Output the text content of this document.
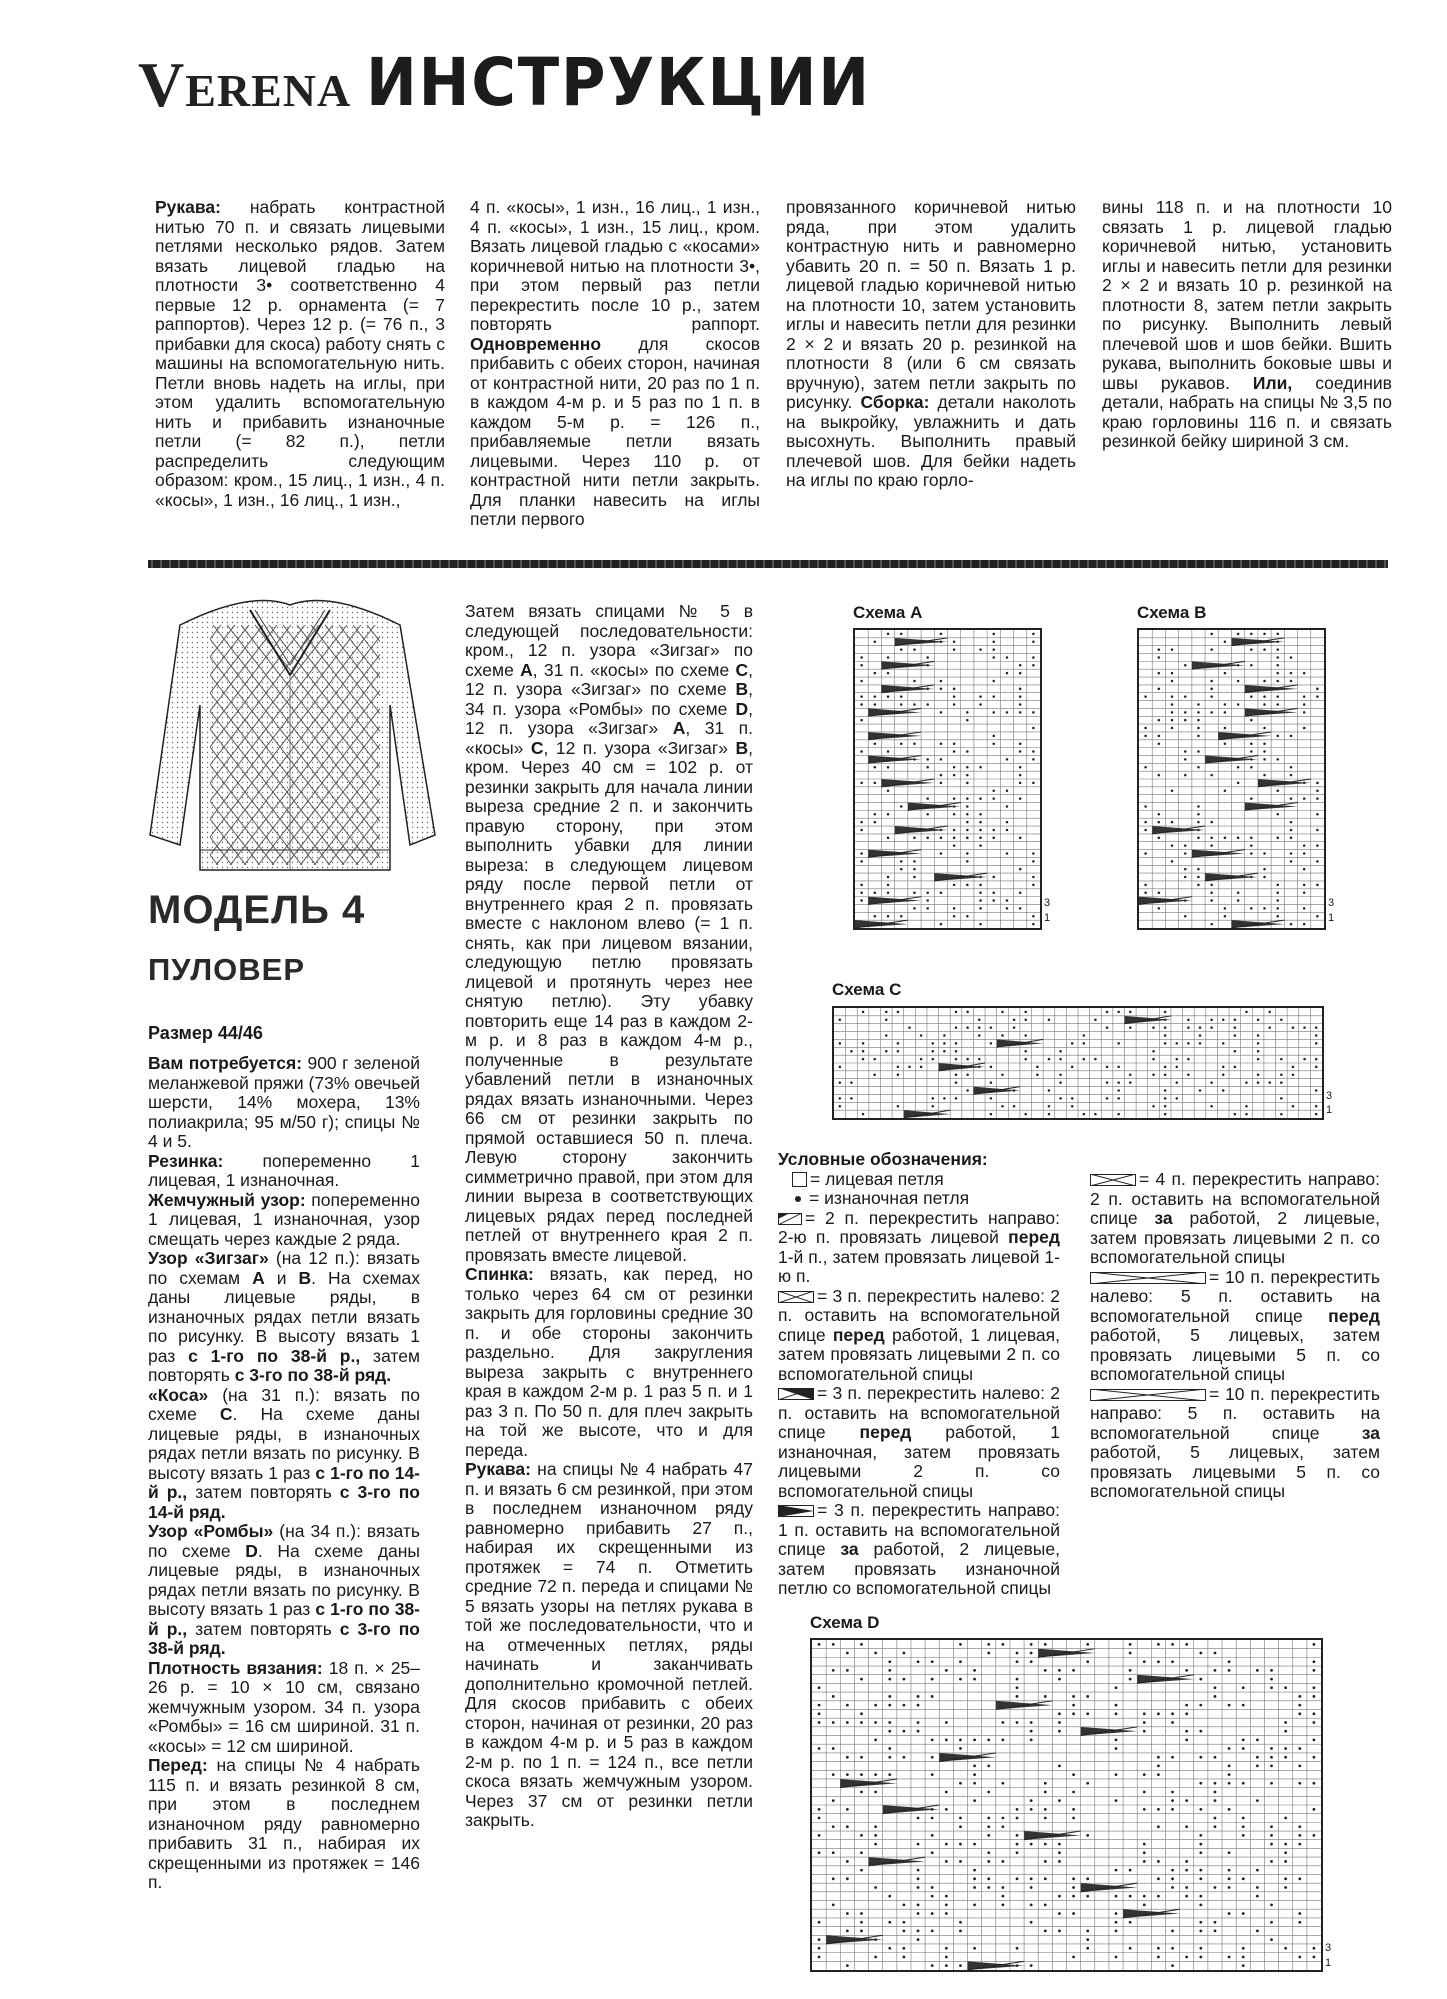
VERENA ИНСТРУКЦИИ

Рукава: набрать контрастной нитью 70 п. и связать лицевыми петлями несколько рядов. Затем вязать лицевой гладью на плотности 3• соответственно 4 первые 12 р. орнамента (= 7 раппортов). Через 12 р. (= 76 п., 3 прибавки для скоса) работу снять с машины на вспомогательную нить. Петли вновь надеть на иглы, при этом удалить вспомогательную нить и прибавить изнаночные петли (= 82 п.), петли распределить следующим образом: кром., 15 лиц., 1 изн., 4 п. «косы», 1 изн., 16 лиц., 1 изн.,

4 п. «косы», 1 изн., 16 лиц., 1 изн., 4 п. «косы», 1 изн., 15 лиц., кром. Вязать лицевой гладью с «косами» коричневой нитью на плотности 3•, при этом первый раз петли перекрестить после 10 р., затем повторять раппорт. Одновременно для скосов прибавить с обеих сторон, начиная от контрастной нити, 20 раз по 1 п. в каждом 4-м р. и 5 раз по 1 п. в каждом 5-м р. = 126 п., прибавляемые петли вязать лицевыми. Через 110 р. от контрастной нити петли закрыть. Для планки навесить на иглы петли первого

провязанного коричневой нитью ряда, при этом удалить контрастную нить и равномерно убавить 20 п. = 50 п. Вязать 1 р. лицевой гладью коричневой нитью на плотности 10, затем установить иглы и навесить петли для резинки 2 × 2 и вязать 20 р. резинкой на плотности 8 (или 6 см связать вручную), затем петли закрыть по рисунку. Сборка: детали наколоть на выкройку, увлажнить и дать высохнуть. Выполнить правый плечевой шов. Для бейки надеть на иглы по краю горло-

вины 118 п. и на плотности 10 связать 1 р. лицевой гладью коричневой нитью, установить иглы и навесить петли для резинки 2 × 2 и вязать 10 р. резинкой на плотности 8, затем петли закрыть по рисунку. Выполнить левый плечевой шов и шов бейки. Вшить рукава, выполнить боковые швы и швы рукавов. Или, соединив детали, набрать на спицы № 3,5 по краю горловины 116 п. и связать резинкой бейку шириной 3 см.

МОДЕЛЬ 4
ПУЛОВЕР
Размер 44/46

Вам потребуется: 900 г зеленой меланжевой пряжи (73% овечьей шерсти, 14% мохера, 13% полиакрила; 95 м/50 г); спицы № 4 и 5.
Резинка: попеременно 1 лицевая, 1 изнаночная.
Жемчужный узор: попеременно 1 лицевая, 1 изнаночная, узор смещать через каждые 2 ряда.
Узор «Зигзаг» (на 12 п.): вязать по схемам А и В. На схемах даны лицевые ряды, в изнаночных рядах петли вязать по рисунку. В высоту вязать 1 раз с 1-го по 38-й р., затем повторять с 3-го по 38-й ряд.
«Коса» (на 31 п.): вязать по схеме С. На схеме даны лицевые ряды, в изнаночных рядах петли вязать по рисунку. В высоту вязать 1 раз с 1-го по 14-й р., затем повторять с 3-го по 14-й ряд.
Узор «Ромбы» (на 34 п.): вязать по схеме D. На схеме даны лицевые ряды, в изнаночных рядах петли вязать по рисунку. В высоту вязать 1 раз с 1-го по 38-й р., затем повторять с 3-го по 38-й ряд.
Плотность вязания: 18 п. × 25–26 р. = 10 × 10 см, связано жемчужным узором. 34 п. узора «Ромбы» = 16 см шириной. 31 п. «косы» = 12 см шириной.
Перед: на спицы № 4 набрать 115 п. и вязать резинкой 8 см, при этом в последнем изнаночном ряду равномерно прибавить 31 п., набирая их скрещенными из протяжек = 146 п.

Затем вязать спицами № 5 в следующей последовательности: кром., 12 п. узора «Зигзаг» по схеме А, 31 п. «косы» по схеме С, 12 п. узора «Зигзаг» по схеме В, 34 п. узора «Ромбы» по схеме D, 12 п. узора «Зигзаг» А, 31 п. «косы» С, 12 п. узора «Зигзаг» В, кром. Через 40 см = 102 р. от резинки закрыть для начала линии выреза средние 2 п. и закончить правую сторону, при этом выполнить убавки для линии выреза: в следующем лицевом ряду после первой петли от внутреннего края 2 п. провязать вместе с наклоном влево (= 1 п. снять, как при лицевом вязании, следующую петлю провязать лицевой и протянуть через нее снятую петлю). Эту убавку повторить еще 14 раз в каждом 2-м р. и 8 раз в каждом 4-м р., полученные в результате убавлений петли в изнаночных рядах вязать изнаночными. Через 66 см от резинки закрыть по прямой оставшиеся 50 п. плеча. Левую сторону закончить симметрично правой, при этом для линии выреза в соответствующих лицевых рядах перед последней петлей от внутреннего края 2 п. провязать вместе лицевой.
Спинка: вязать, как перед, но только через 64 см от резинки закрыть для горловины средние 30 п. и обе стороны закончить раздельно. Для закругления выреза закрыть с внутреннего края в каждом 2-м р. 1 раз 5 п. и 1 раз 3 п. По 50 п. для плеч закрыть на той же высоте, что и для переда.
Рукава: на спицы № 4 набрать 47 п. и вязать 6 см резинкой, при этом в последнем изнаночном ряду равномерно прибавить 27 п., набирая их скрещенными из протяжек = 74 п. Отметить средние 72 п. переда и спицами № 5 вязать узоры на петлях рукава в той же последовательности, что и на отмеченных петлях, ряды начинать и заканчивать дополнительно кромочной петлей. Для скосов прибавить с обеих сторон, начиная от резинки, 20 раз в каждом 4-м р. и 5 раз в каждом 2-м р. по 1 п. = 124 п., все петли скоса вязать жемчужным узором. Через 37 см от резинки петли закрыть.

Схема А
3
1
Схема В
3
1
Схема С
3
1
Схема D
3
1

Условные обозначения:

= лицевая петля

= изнаночная петля

= 2 п. перекрестить направо: 2-ю п. провязать лицевой перед 1-й п., затем провязать лицевой 1-ю п.

= 3 п. перекрестить налево: 2 п. оставить на вспомогательной спице перед работой, 1 лицевая, затем провязать лицевыми 2 п. со вспомогательной спицы

= 3 п. перекрестить налево: 2 п. оставить на вспомогательной спице перед работой, 1 изнаночная, затем провязать лицевыми 2 п. со вспомогательной спицы

= 3 п. перекрестить направо: 1 п. оставить на вспомогательной спице за работой, 2 лицевые, затем провязать изнаночной петлю со вспомогательной спицы

= 4 п. перекрестить направо: 2 п. оставить на вспомогательной спице за работой, 2 лицевые, затем провязать лицевыми 2 п. со вспомогательной спицы

= 10 п. перекрестить налево: 5 п. оставить на вспомогательной спице перед работой, 5 лицевых, затем провязать лицевыми 5 п. со вспомогательной спицы

= 10 п. перекрестить направо: 5 п. оставить на вспомогательной спице за работой, 5 лицевых, затем провязать лицевыми 5 п. со вспомогательной спицы
